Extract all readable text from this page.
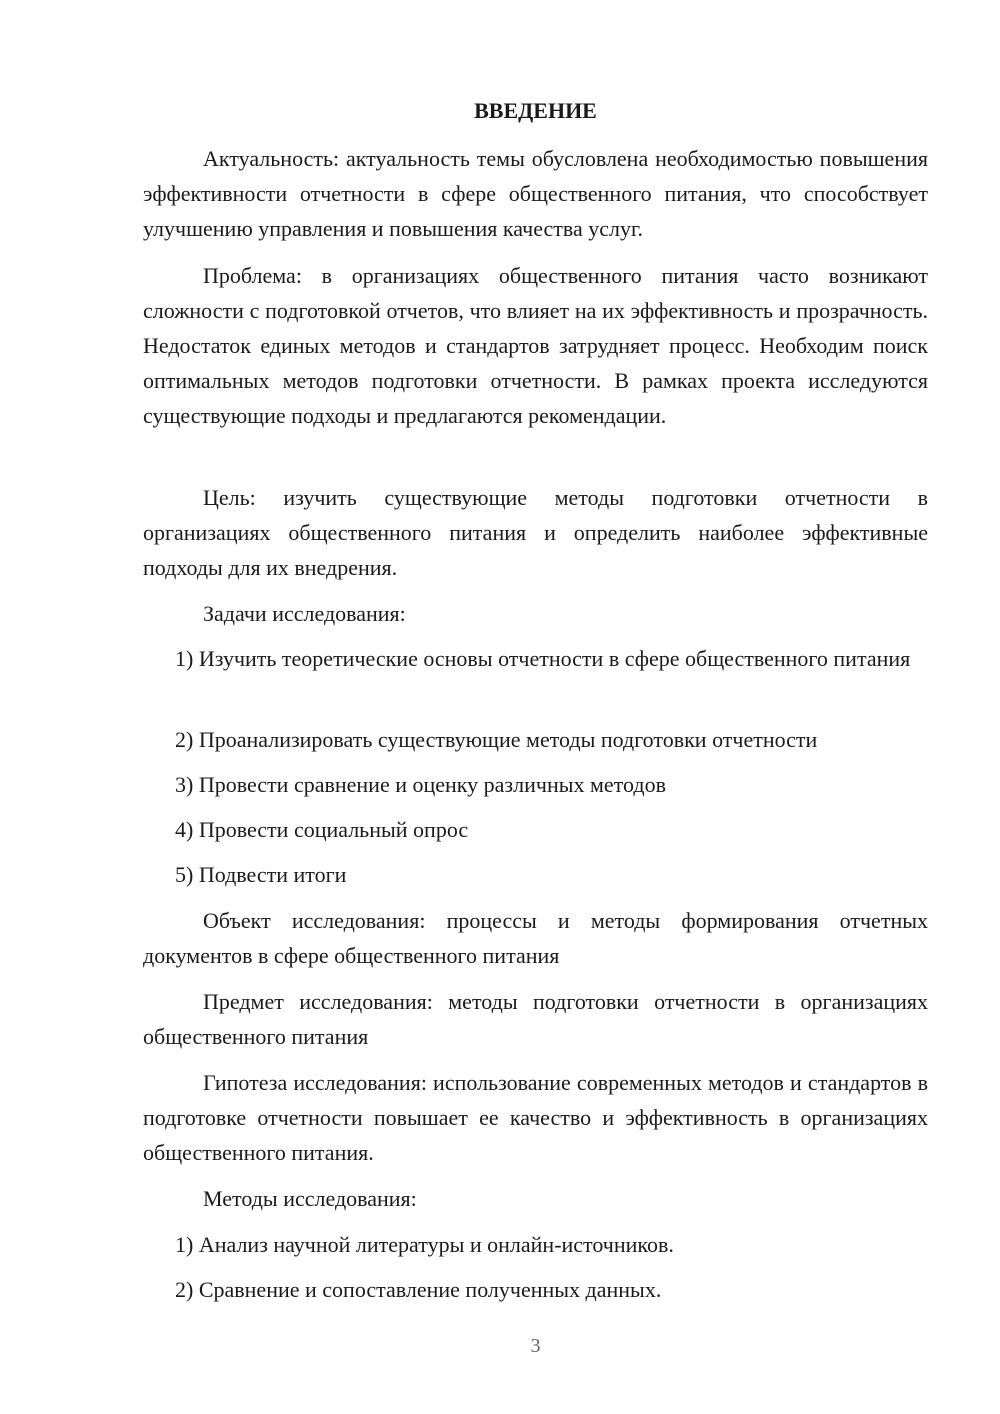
ВВЕДЕНИЕ

Актуальность: актуальность темы обусловлена необходимостью повышения эффективности отчетности в сфере общественного питания, что способствует улучшению управления и повышения качества услуг.

Проблема: в организациях общественного питания часто возникают сложности с подготовкой отчетов, что влияет на их эффективность и прозрачность. Недостаток единых методов и стандартов затрудняет процесс. Необходим поиск оптимальных методов подготовки отчетности. В рамках проекта исследуются существующие подходы и предлагаются рекомендации.

Цель: изучить существующие методы подготовки отчетности в организациях общественного питания и определить наиболее эффективные подходы для их внедрения.

Задачи исследования:

1) Изучить теоретические основы отчетности в сфере общественного питания

2) Проанализировать существующие методы подготовки отчетности

3) Провести сравнение и оценку различных методов

4) Провести социальный опрос

5) Подвести итоги

Объект исследования: процессы и методы формирования отчетных документов в сфере общественного питания

Предмет исследования: методы подготовки отчетности в организациях общественного питания

Гипотеза исследования: использование современных методов и стандартов в подготовке отчетности повышает ее качество и эффективность в организациях общественного питания.

Методы исследования:

1) Анализ научной литературы и онлайн-источников.

2) Сравнение и сопоставление полученных данных.

3
